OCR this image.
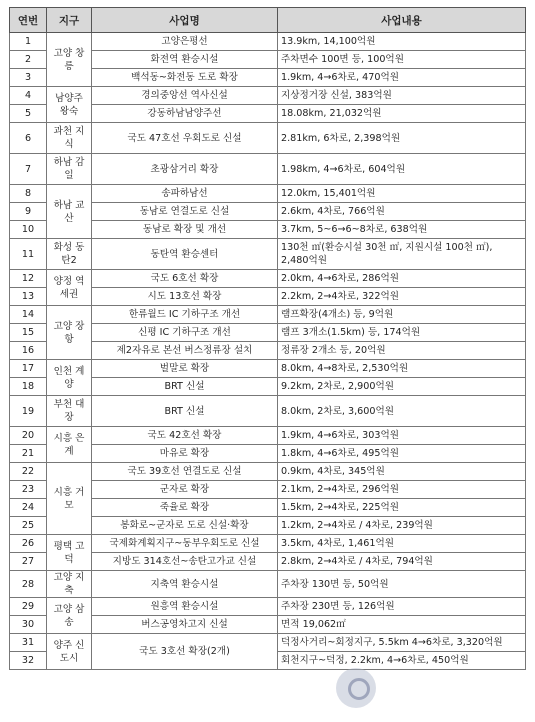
연번	지구	사업명	사업내용
1	고양 창릉	고양은평선	13.9km, 14,100억원
2		화전역 환승시설	주차면수 100면 등, 100억원
3		백석동~화전동 도로 확장	1.9km, 4→6차로, 470억원
4	남양주 왕숙	경의중앙선 역사신설	지상정거장 신설, 383억원
5		강동하남남양주선	18.08km, 21,032억원
6	과천 지식	국도 47호선 우회도로 신설	2.81km, 6차로, 2,398억원
7	하남 감일	초광삼거리 확장	1.98km, 4→6차로, 604억원
8	하남 교산	송파하남선	12.0km, 15,401억원
9		동남로 연결도로 신설	2.6km, 4차로, 766억원
10		동남로 확장 및 개선	3.7km, 5~6→6~8차로, 638억원
11	화성 동탄2	동탄역 환승센터	130천 ㎡(환승시설 30천 ㎡, 지원시설 100천 ㎡), 2,480억원
12	양정 역세권	국도 6호선 확장	2.0km, 4→6차로, 286억원
13		시도 13호선 확장	2.2km, 2→4차로, 322억원
14	고양 장항	한류월드 IC 기하구조 개선	램프확장(4개소) 등, 9억원
15		신평 IC 기하구조 개선	램프 3개소(1.5km) 등, 174억원
16		제2자유로 본선 버스정류장 설치	정류장 2개소 등, 20억원
17	인천 계양	벌말로 확장	8.0km, 4→8차로, 2,530억원
18		BRT 신설	9.2km, 2차로, 2,900억원
19	부천 대장	BRT 신설	8.0km, 2차로, 3,600억원
20	시흥 은계	국도 42호선 확장	1.9km, 4→6차로, 303억원
21		마유로 확장	1.8km, 4→6차로, 495억원
22	시흥 거모	국도 39호선 연결도로 신설	0.9km, 4차로, 345억원
23		군자로 확장	2.1km, 2→4차로, 296억원
24		죽율로 확장	1.5km, 2→4차로, 225억원
25		봉화로~군자로 도로 신설·확장	1.2km, 2→4차로 / 4차로, 239억원
26	평택 고덕	국제화계획지구~동부우회도로 신설	3.5km, 4차로, 1,461억원
27		지방도 314호선~송탄고가교 신설	2.8km, 2→4차로 / 4차로, 794억원
28	고양 지축	지축역 환승시설	주차장 130면 등, 50억원
29	고양 삼송	원흥역 환승시설	주차장 230면 등, 126억원
30		버스공영차고지 신설	면적 19,062㎡
31	양주 신도시	국도 3호선 확장(2개)	덕정사거리~회정지구, 5.5km 4→6차로, 3,320억원
32			회천지구~덕정, 2.2km, 4→6차로, 450억원
